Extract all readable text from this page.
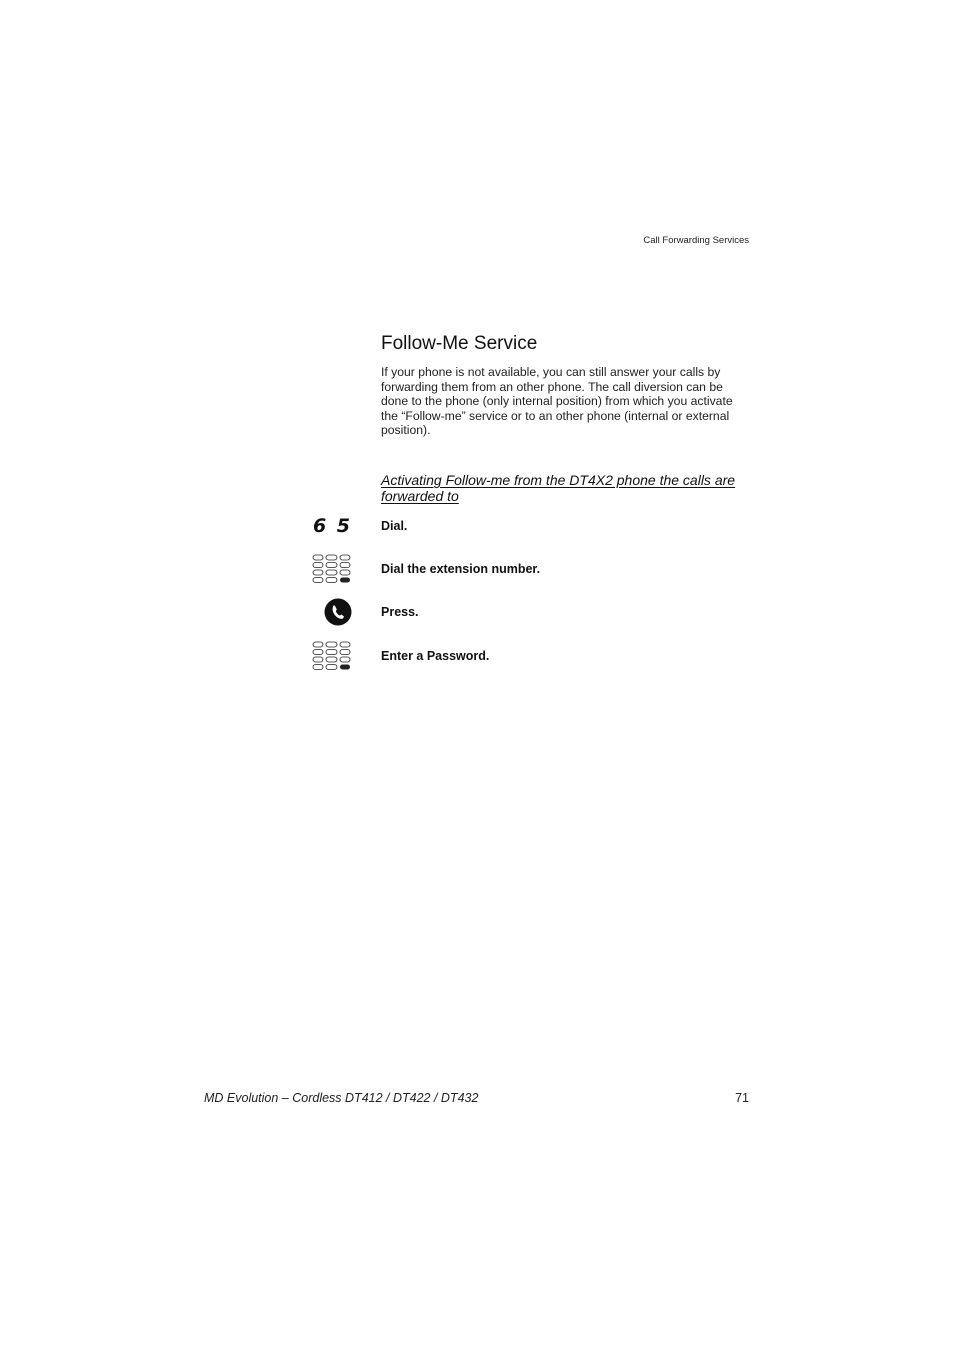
Call Forwarding Services
Follow-Me Service

If your phone is not available, you can still answer your calls by forwarding them from an other phone. The call diversion can be done to the phone (only internal position) from which you activate the “Follow-me” service or to an other phone (internal or external position).

Activating Follow-me from the DT4X2 phone the calls are forwarded to
6 5 Dial.
Dial the extension number.
Press.
Enter a Password.
MD Evolution – Cordless DT412 / DT422 / DT432	71
